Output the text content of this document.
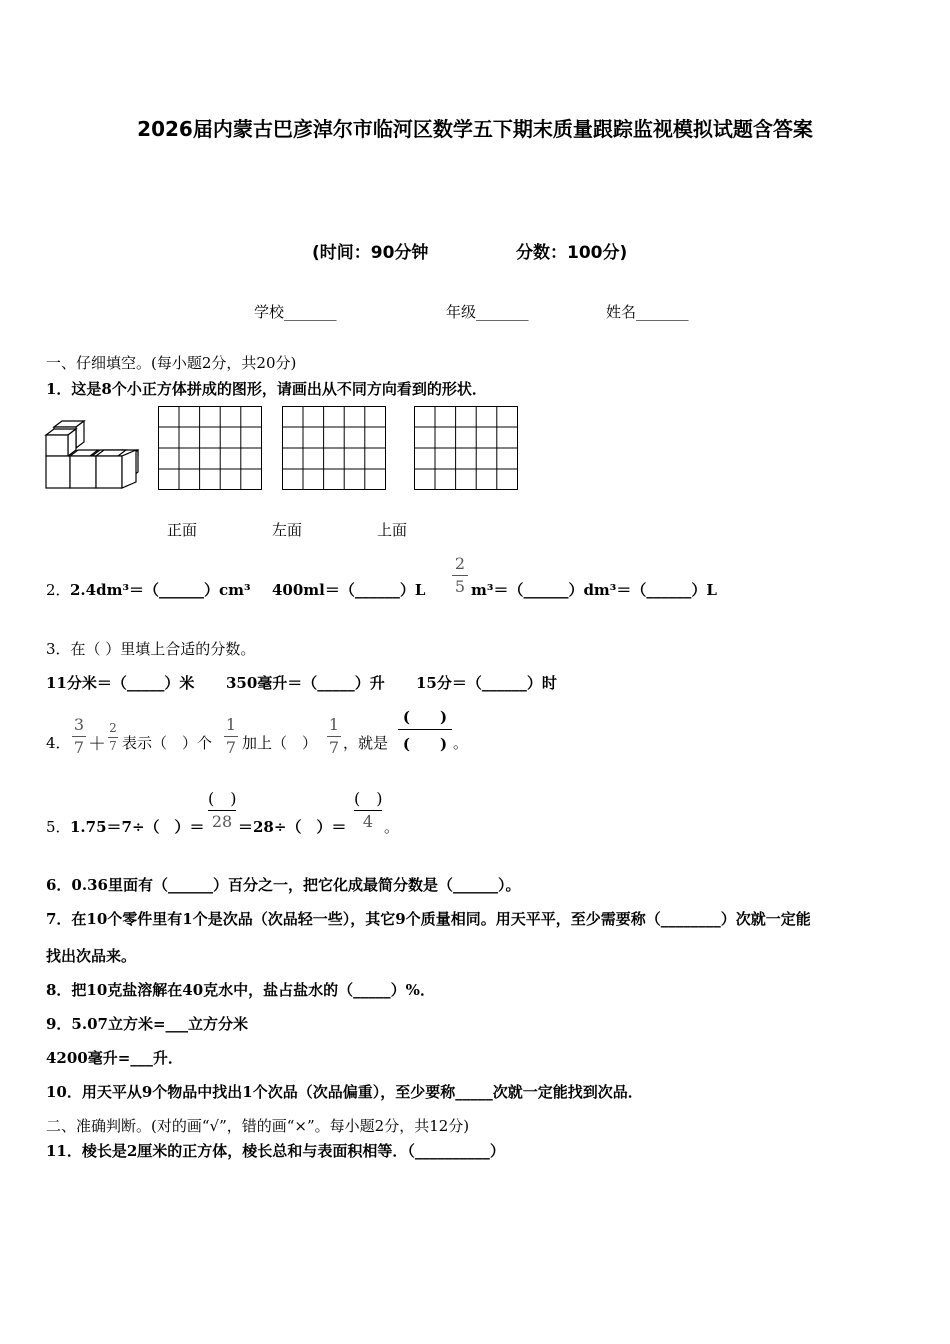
2026届内蒙古巴彦淖尔市临河区数学五下期末质量跟踪监视模拟试题含答案
(时间：90分钟	分数：100分)
学校_______	年级_______	姓名_______
一、仔细填空。(每小题2分，共20分)
1．这是8个小正方体拼成的图形，请画出从不同方向看到的形状．
正面	左面	上面
2． 2.4dm³＝（______）cm³ 400ml＝（______）L
2
5 m³＝（______）dm³＝（______）L
3．在（ ）里填上合适的分数。
11分米＝（_____）米 350毫升＝（_____）升 15分＝（______）时
4．
3
7 ＋
2
7 表示（　）个
1
7 加上（　）
1
7 ，就是
(　　)
(　　) 。
5． 1.75＝7÷（　）＝
(　)
28 ＝28÷（　）＝
(　)
4 。
6．0.36里面有（______）百分之一，把它化成最简分数是（______）。
7．在10个零件里有1个是次品（次品轻一些），其它9个质量相同。用天平平，至少需要称（________）次就一定能
找出次品来。
8．把10克盐溶解在40克水中，盐占盐水的（_____）%．
9．5.07立方米=___立方分米
4200毫升=___升．
10．用天平从9个物品中找出1个次品（次品偏重），至少要称_____次就一定能找到次品．
二、准确判断。(对的画“√”，错的画“×”。每小题2分，共12分)
11．棱长是2厘米的正方体，棱长总和与表面积相等．（__________）
